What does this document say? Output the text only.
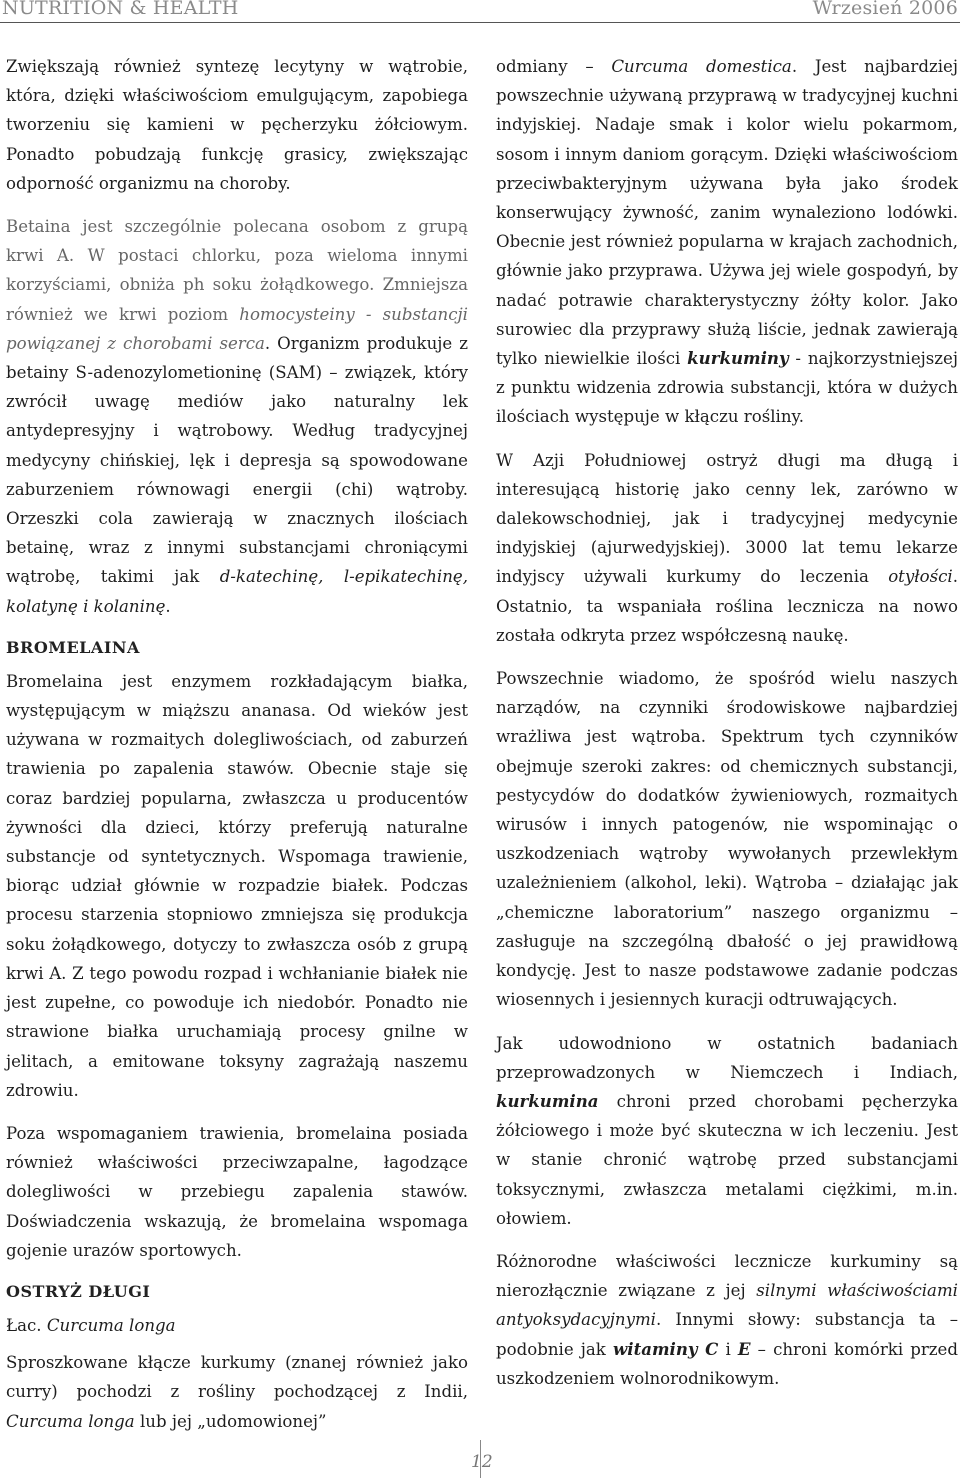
NUTRITION & HEALTH	Wrzesień 2006

Zwiększają również syntezę lecytyny w wątrobie, która, dzięki właściwościom emulgującym, zapobiega tworzeniu się kamieni w pęcherzyku żółciowym. Ponadto pobudzają funkcję grasicy, zwiększając odporność organizmu na choroby.

Betaina jest szczególnie polecana osobom z grupą krwi A. W postaci chlorku, poza wieloma innymi korzyściami, obniża ph soku żołądkowego. Zmniejsza również we krwi poziom homocysteiny - substancji powiązanej z chorobami serca. Organizm produkuje z betainy S-adenozylometioninę (SAM) – związek, który zwrócił uwagę mediów jako naturalny lek antydepresyjny i wątrobowy. Według tradycyjnej medycyny chińskiej, lęk i depresja są spowodowane zaburzeniem równowagi energii (chi) wątroby. Orzeszki cola zawierają w znacznych ilościach betainę, wraz z innymi substancjami chroniącymi wątrobę, takimi jak d-katechinę, l-epikatechinę, kolatynę i kolaninę.

BROMELAINA

Bromelaina jest enzymem rozkładającym białka, występującym w miąższu ananasa. Od wieków jest używana w rozmaitych dolegliwościach, od zaburzeń trawienia po zapalenia stawów. Obecnie staje się coraz bardziej popularna, zwłaszcza u producentów żywności dla dzieci, którzy preferują naturalne substancje od syntetycznych. Wspomaga trawienie, biorąc udział głównie w rozpadzie białek. Podczas procesu starzenia stopniowo zmniejsza się produkcja soku żołądkowego, dotyczy to zwłaszcza osób z grupą krwi A. Z tego powodu rozpad i wchłanianie białek nie jest zupełne, co powoduje ich niedobór. Ponadto nie strawione białka uruchamiają procesy gnilne w jelitach, a emitowane toksyny zagrażają naszemu zdrowiu.

Poza wspomaganiem trawienia, bromelaina posiada również właściwości przeciwzapalne, łagodzące dolegliwości w przebiegu zapalenia stawów. Doświadczenia wskazują, że bromelaina wspomaga gojenie urazów sportowych.

OSTRYŻ DŁUGI

Łac. Curcuma longa

Sproszkowane kłącze kurkumy (znanej również jako curry) pochodzi z rośliny pochodzącej z Indii, Curcuma longa lub jej „udomowionej”

odmiany – Curcuma domestica. Jest najbardziej powszechnie używaną przyprawą w tradycyjnej kuchni indyjskiej. Nadaje smak i kolor wielu pokarmom, sosom i innym daniom gorącym. Dzięki właściwościom przeciwbakteryjnym używana była jako środek konserwujący żywność, zanim wynaleziono lodówki. Obecnie jest również popularna w krajach zachodnich, głównie jako przyprawa. Używa jej wiele gospodyń, by nadać potrawie charakterystyczny żółty kolor. Jako surowiec dla przyprawy służą liście, jednak zawierają tylko niewielkie ilości kurkuminy - najkorzystniejszej z punktu widzenia zdrowia substancji, która w dużych ilościach występuje w kłączu rośliny.

W Azji Południowej ostryż długi ma długą i interesującą historię jako cenny lek, zarówno w dalekowschodniej, jak i tradycyjnej medycynie indyjskiej (ajurwedyjskiej). 3000 lat temu lekarze indyjscy używali kurkumy do leczenia otyłości. Ostatnio, ta wspaniała roślina lecznicza na nowo została odkryta przez współczesną naukę.

Powszechnie wiadomo, że spośród wielu naszych narządów, na czynniki środowiskowe najbardziej wrażliwa jest wątroba. Spektrum tych czynników obejmuje szeroki zakres: od chemicznych substancji, pestycydów do dodatków żywieniowych, rozmaitych wirusów i innych patogenów, nie wspominając o uszkodzeniach wątroby wywołanych przewlekłym uzależnieniem (alkohol, leki). Wątroba – działając jak „chemiczne laboratorium” naszego organizmu – zasługuje na szczególną dbałość o jej prawidłową kondycję. Jest to nasze podstawowe zadanie podczas wiosennych i jesiennych kuracji odtruwających.

Jak udowodniono w ostatnich badaniach przeprowadzonych w Niemczech i Indiach, kurkumina chroni przed chorobami pęcherzyka żółciowego i może być skuteczna w ich leczeniu. Jest w stanie chronić wątrobę przed substancjami toksycznymi, zwłaszcza metalami ciężkimi, m.in. ołowiem.

Różnorodne właściwości lecznicze kurkuminy są nierozłącznie związane z jej silnymi właściwościami antyoksydacyjnymi. Innymi słowy: substancja ta – podobnie jak witaminy C i E – chroni komórki przed uszkodzeniem wolnorodnikowym.

12
